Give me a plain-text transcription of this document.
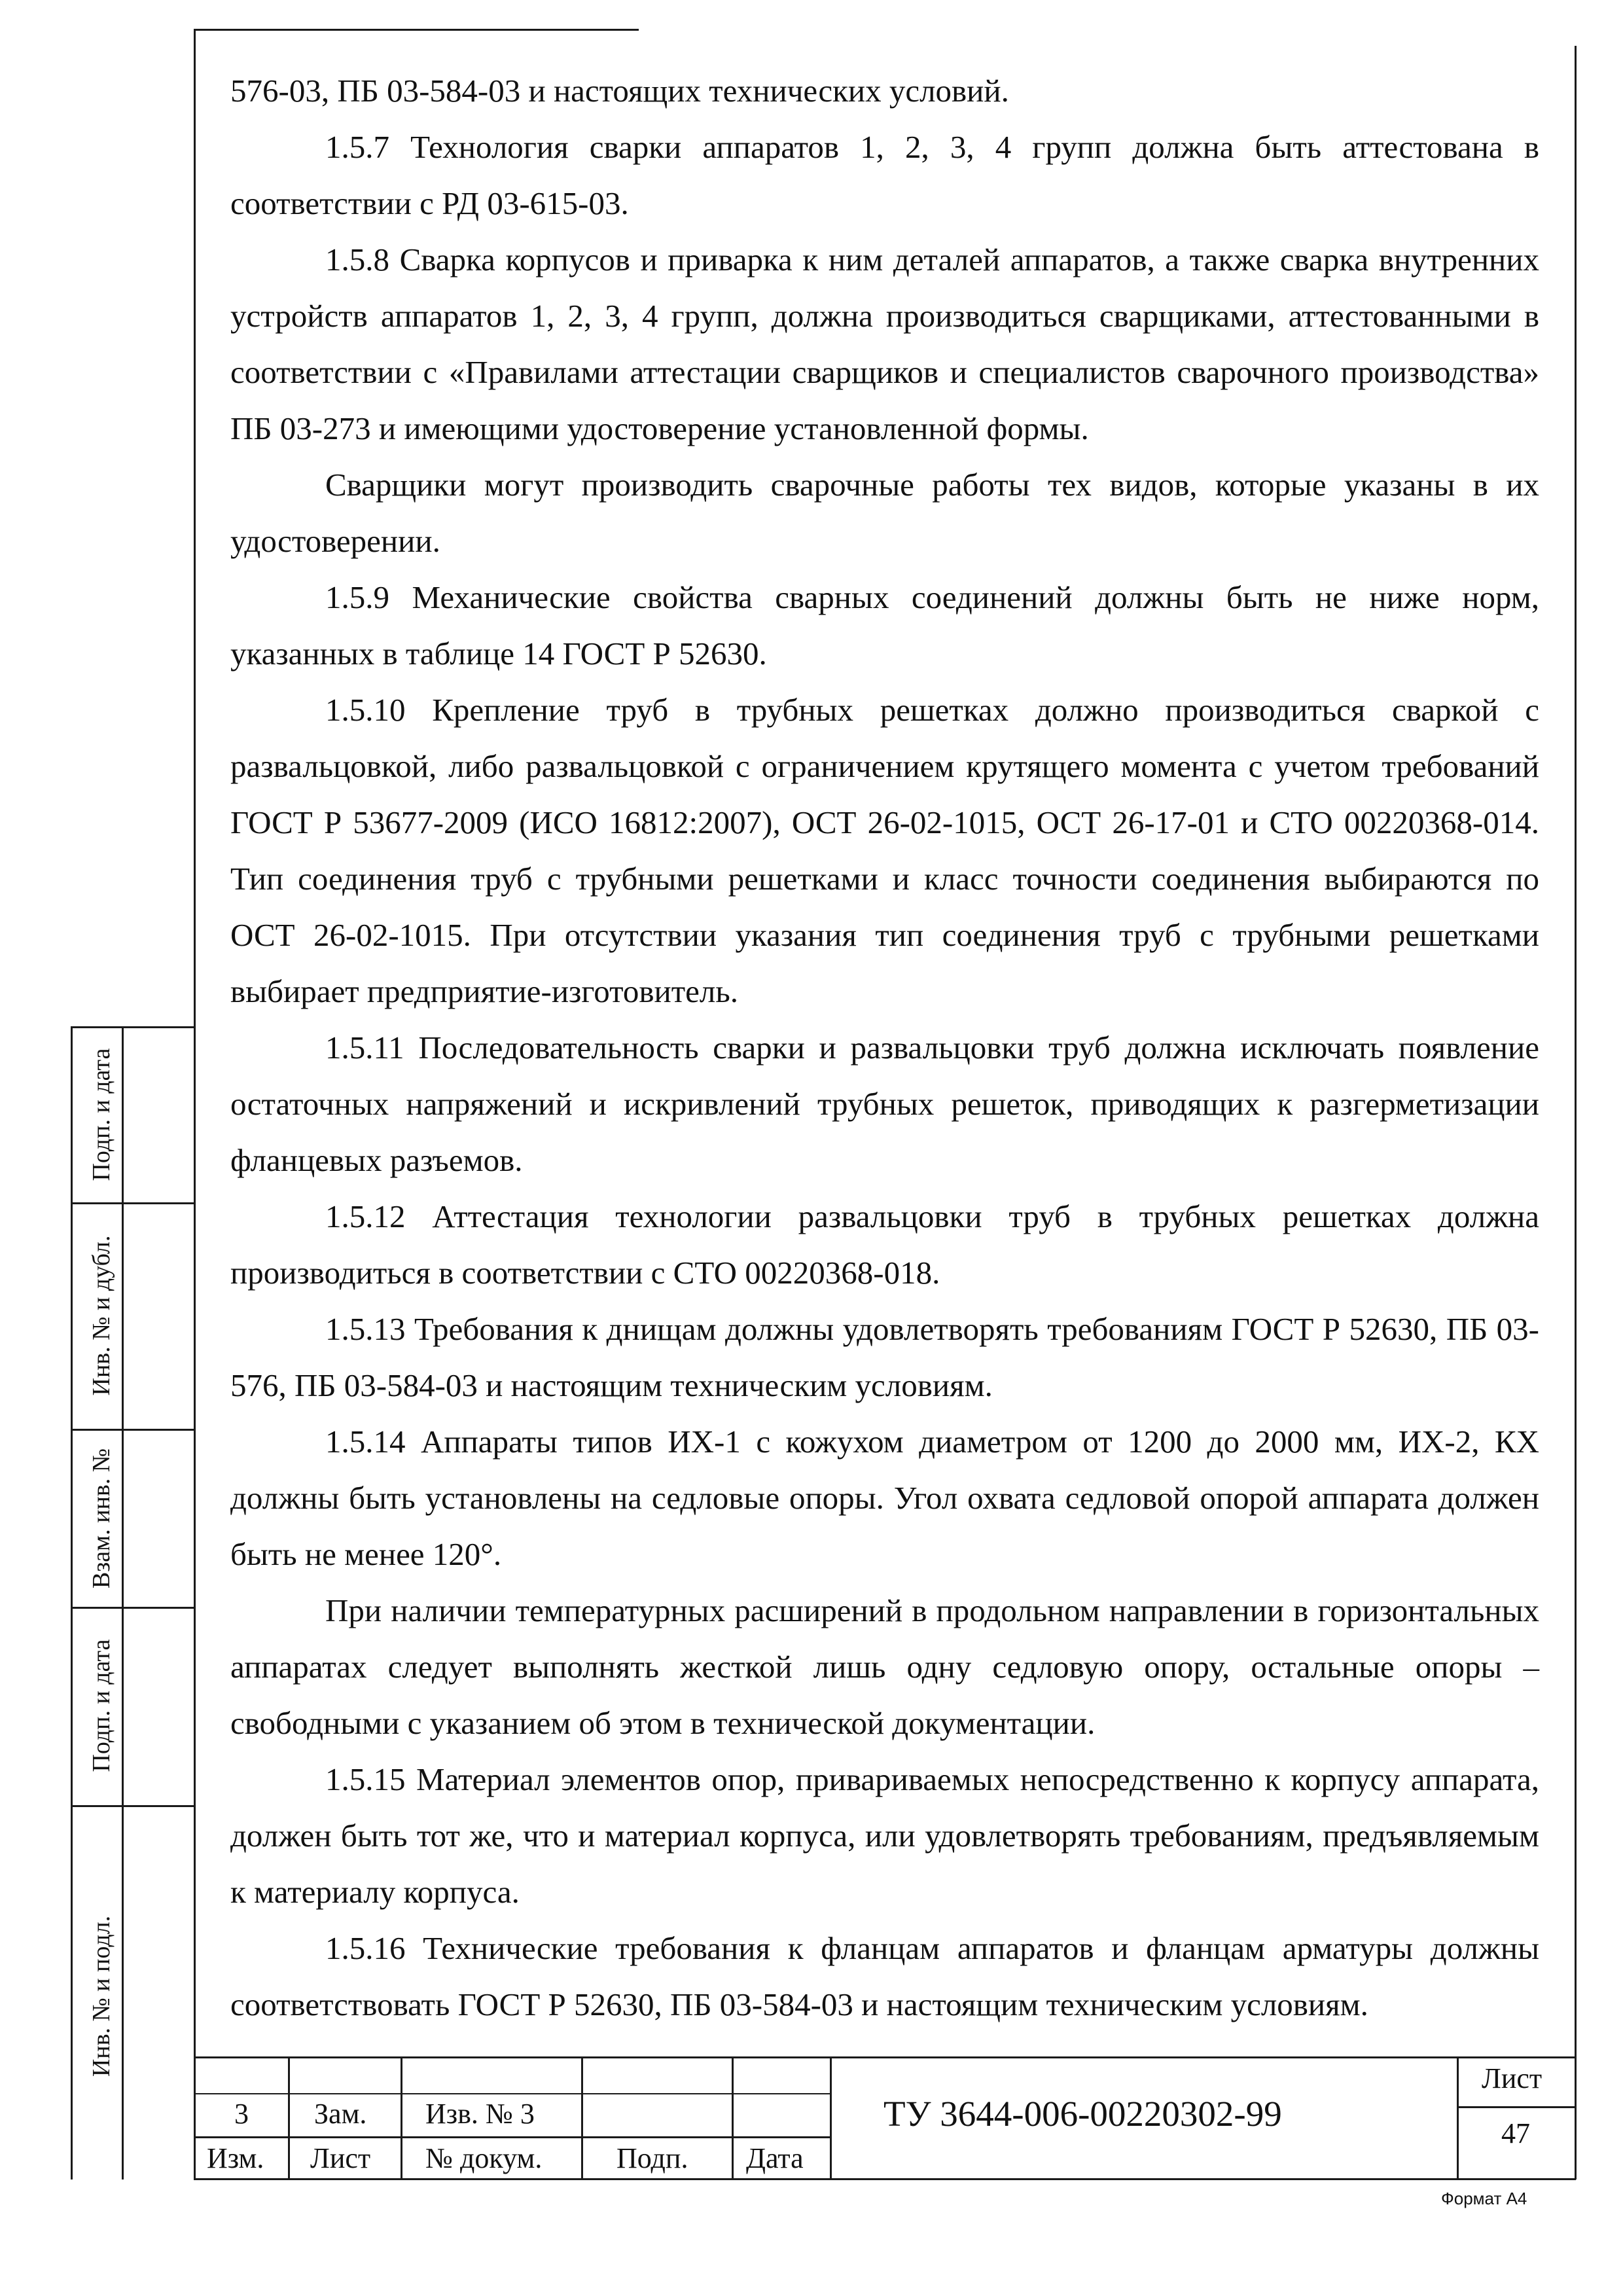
576-03, ПБ 03-584-03 и настоящих технических условий.

1.5.7 Технология сварки аппаратов 1, 2, 3, 4 групп должна быть аттестована в соответствии с РД 03-615-03.

1.5.8 Сварка корпусов и приварка к ним деталей аппаратов, а также сварка внутренних устройств аппаратов 1, 2, 3, 4 групп, должна производиться сварщиками, аттестованными в соответствии с «Правилами аттестации сварщиков и специалистов сварочного производства» ПБ 03-273 и имеющими удостоверение установленной формы.

Сварщики могут производить сварочные работы тех видов, которые указаны в их удостоверении.

1.5.9 Механические свойства сварных соединений должны быть не ниже норм, указанных в таблице 14 ГОСТ Р 52630.

1.5.10 Крепление труб в трубных решетках должно производиться сваркой с развальцовкой, либо развальцовкой с ограничением крутящего момента с учетом требований ГОСТ Р 53677-2009 (ИСО 16812:2007), ОСТ 26-02-1015, ОСТ 26-17-01 и СТО 00220368-014. Тип соединения труб с трубными решетками и класс точности соединения выбираются по ОСТ 26-02-1015. При отсутствии указания тип соединения труб с трубными решетками выбирает предприятие-изготовитель.

1.5.11 Последовательность сварки и развальцовки труб должна исключать появление остаточных напряжений и искривлений трубных решеток, приводящих к разгерметизации фланцевых разъемов.

1.5.12 Аттестация технологии развальцовки труб в трубных решетках должна производиться в соответствии с СТО 00220368-018.

1.5.13 Требования к днищам должны удовлетворять требованиям ГОСТ Р 52630, ПБ 03- 576, ПБ 03-584-03 и настоящим техническим условиям.

1.5.14 Аппараты типов ИХ-1 с кожухом диаметром от 1200 до 2000 мм, ИХ-2, КХ должны быть установлены на седловые опоры. Угол охвата седловой опорой аппарата должен быть не менее 120°.

При наличии температурных расширений в продольном направлении в горизонтальных аппаратах следует выполнять жесткой лишь одну седловую опору, остальные опоры – свободными с указанием об этом в технической документации.

1.5.15 Материал элементов опор, привариваемых непосредственно к корпусу аппарата, должен быть тот же, что и материал корпуса, или удовлетворять требованиям, предъявляемым к материалу корпуса.

1.5.16 Технические требования к фланцам аппаратов и фланцам арматуры должны соответствовать ГОСТ Р 52630, ПБ 03-584-03 и настоящим техническим условиям.

Подп. и дата
Инв. № и дубл.
Взам. инв. №
Подп. и дата
Инв. № и подл.
3 Зам. Изв. № 3
Изм. Лист № докум.	Подп. Дата
ТУ 3644-006-00220302-99
Лист
47
Формат А4
